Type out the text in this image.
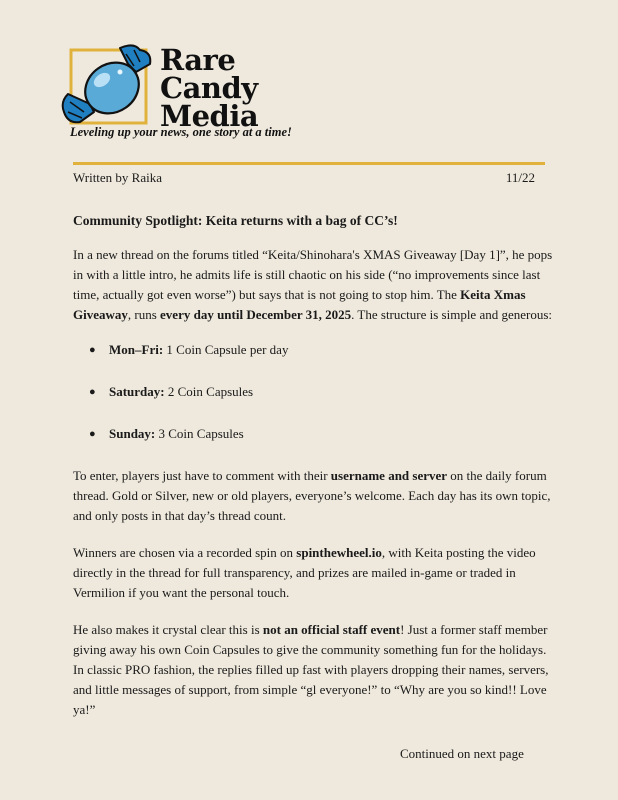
Rare
Candy
Media
Leveling up your news, one story at a time!
Written by Raika	11/22
Community Spotlight: Keita returns with a bag of CC’s!

In a new thread on the forums titled “Keita/Shinohara's XMAS Giveaway [Day 1]”, he pops in with a little intro, he admits life is still chaotic on his side (“no improvements since last time, actually got even worse”) but says that is not going to stop him. The Keita Xmas Giveaway, runs every day until December 31, 2025. The structure is simple and generous:

● Mon–Fri: 1 Coin Capsule per day
● Saturday: 2 Coin Capsules
● Sunday: 3 Coin Capsules

To enter, players just have to comment with their username and server on the daily forum thread. Gold or Silver, new or old players, everyone’s welcome. Each day has its own topic, and only posts in that day’s thread count.

Winners are chosen via a recorded spin on spinthewheel.io, with Keita posting the video directly in the thread for full transparency, and prizes are mailed in-game or traded in Vermilion if you want the personal touch.

He also makes it crystal clear this is not an official staff event! Just a former staff member giving away his own Coin Capsules to give the community something fun for the holidays. In classic PRO fashion, the replies filled up fast with players dropping their names, servers, and little messages of support, from simple “gl everyone!” to “Why are you so kind!! Love ya!”

Continued on next page
